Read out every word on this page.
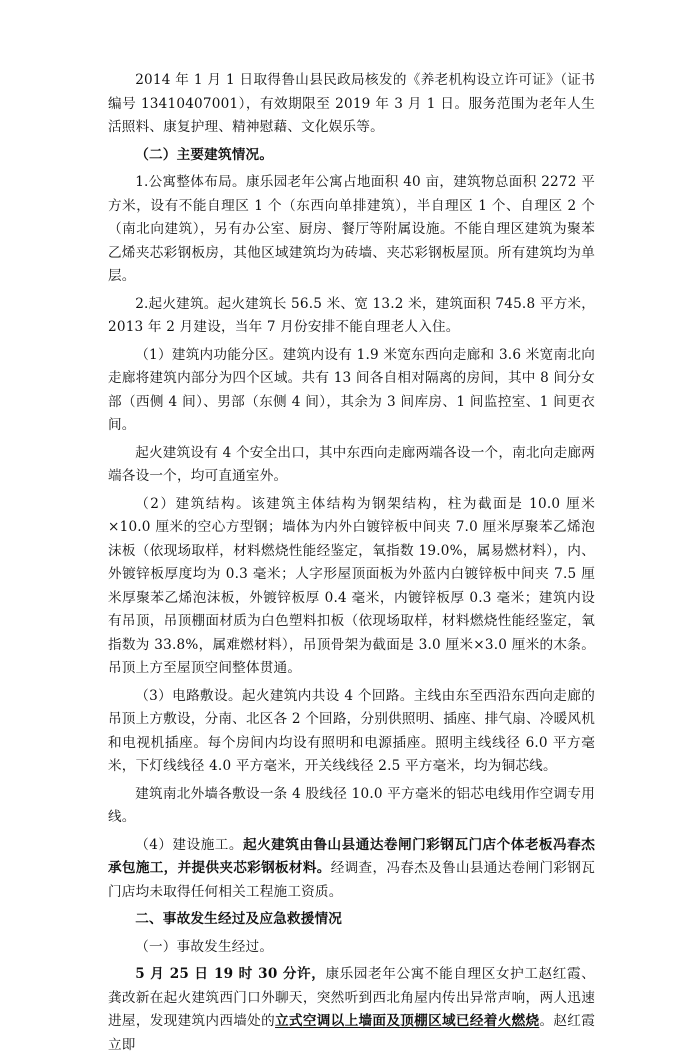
2014 年 1 月 1 日取得鲁山县民政局核发的《养老机构设立许可证》（证书编号 13410407001），有效期限至 2019 年 3 月 1 日。服务范围为老年人生活照料、康复护理、精神慰藉、文化娱乐等。

（二）主要建筑情况。

1.公寓整体布局。康乐园老年公寓占地面积 40 亩，建筑物总面积 2272 平方米，设有不能自理区 1 个（东西向单排建筑），半自理区 1 个、自理区 2 个（南北向建筑），另有办公室、厨房、餐厅等附属设施。不能自理区建筑为聚苯乙烯夹芯彩钢板房，其他区域建筑均为砖墙、夹芯彩钢板屋顶。所有建筑均为单层。

2.起火建筑。起火建筑长 56.5 米、宽 13.2 米，建筑面积 745.8 平方米，2013 年 2 月建设，当年 7 月份安排不能自理老人入住。

（1）建筑内功能分区。建筑内设有 1.9 米宽东西向走廊和 3.6 米宽南北向走廊将建筑内部分为四个区域。共有 13 间各自相对隔离的房间，其中 8 间分女部（西侧 4 间）、男部（东侧 4 间），其余为 3 间库房、1 间监控室、1 间更衣间。

起火建筑设有 4 个安全出口，其中东西向走廊两端各设一个，南北向走廊两端各设一个，均可直通室外。

（2）建筑结构。该建筑主体结构为钢架结构，柱为截面是 10.0 厘米×10.0 厘米的空心方型钢；墙体为内外白镀锌板中间夹 7.0 厘米厚聚苯乙烯泡沫板（依现场取样，材料燃烧性能经鉴定，氧指数 19.0%，属易燃材料），内、外镀锌板厚度均为 0.3 毫米；人字形屋顶面板为外蓝内白镀锌板中间夹 7.5 厘米厚聚苯乙烯泡沫板，外镀锌板厚 0.4 毫米，内镀锌板厚 0.3 毫米；建筑内设有吊顶，吊顶棚面材质为白色塑料扣板（依现场取样，材料燃烧性能经鉴定，氧指数为 33.8%，属难燃材料），吊顶骨架为截面是 3.0 厘米×3.0 厘米的木条。吊顶上方至屋顶空间整体贯通。

（3）电路敷设。起火建筑内共设 4 个回路。主线由东至西沿东西向走廊的吊顶上方敷设，分南、北区各 2 个回路，分别供照明、插座、排气扇、冷暖风机和电视机插座。每个房间内均设有照明和电源插座。照明主线线径 6.0 平方毫米，下灯线线径 4.0 平方毫米，开关线线径 2.5 平方毫米，均为铜芯线。

建筑南北外墙各敷设一条 4 股线径 10.0 平方毫米的铝芯电线用作空调专用线。

（4）建设施工。起火建筑由鲁山县通达卷闸门彩钢瓦门店个体老板冯春杰承包施工，并提供夹芯彩钢板材料。经调查，冯春杰及鲁山县通达卷闸门彩钢瓦门店均未取得任何相关工程施工资质。

二、事故发生经过及应急救援情况

（一）事故发生经过。

5 月 25 日 19 时 30 分许，康乐园老年公寓不能自理区女护工赵红霞、龚改新在起火建筑西门口外聊天，突然听到西北角屋内传出异常声响，两人迅速进屋，发现建筑内西墙处的立式空调以上墙面及顶棚区域已经着火燃烧。赵红霞立即
